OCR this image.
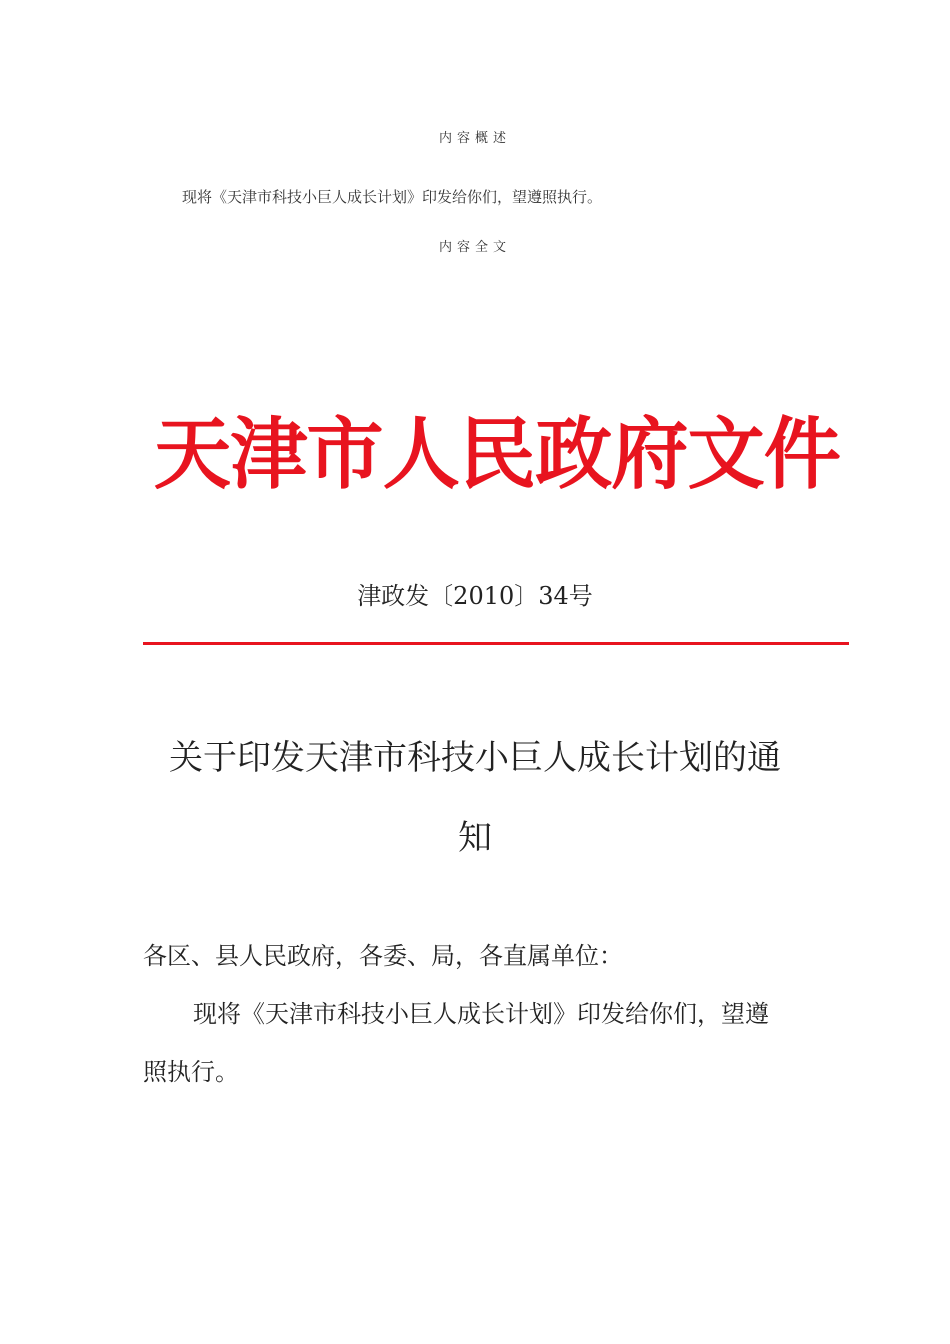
内容概述
现将《天津市科技小巨人成长计划》印发给你们，望遵照执行。
内容全文
天津市人民政府文件
津政发〔2010〕34号
关于印发天津市科技小巨人成长计划的通
知
各区、县人民政府，各委、局，各直属单位：
现将《天津市科技小巨人成长计划》印发给你们，望遵
照执行。
